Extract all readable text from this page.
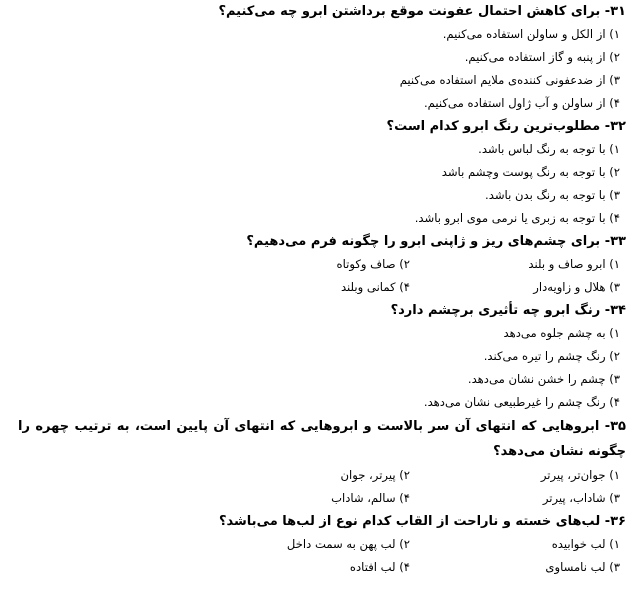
۳۱- برای کاهش احتمال عفونت موقع برداشتن ابرو چه می‌کنیم؟
۱) از الکل و ساولن استفاده می‌کنیم.
۲) از پنبه و گاز استفاده می‌کنیم.
۳) از ضدعفونی کننده‌ی ملایم استفاده می‌کنیم
۴) از ساولن و آب ژاول استفاده می‌کنیم.
۳۲- مطلوب‌ترین رنگ ابرو کدام است؟
۱) با توجه به رنگ لباس باشد.
۲) با توجه به رنگ پوست وچشم باشد
۳) با توجه به رنگ بدن باشد.
۴) با توجه به زبری یا نرمی موی ابرو باشد.
۳۳- برای چشم‌های ریز و ژاپنی ابرو را چگونه فرم می‌دهیم؟
۱) ابرو صاف و بلند
۲) صاف وکوتاه
۳) هلال و زاویه‌دار
۴) کمانی وبلند
۳۴- رنگ ابرو چه تأثیری برچشم دارد؟
۱) به چشم جلوه می‌دهد
۲) رنگ چشم را تیره می‌کند.
۳) چشم را خشن نشان می‌دهد.
۴) رنگ چشم را غیرطبیعی نشان می‌دهد.
۳۵- ابروهایی که انتهای آن سر بالاست و ابروهایی که انتهای آن پایین است، به ترتیب چهره را چگونه نشان می‌دهد؟
۱) جوان‌تر، پیرتر
۲) پیرتر، جوان
۳) شاداب، پیرتر
۴) سالم، شاداب
۳۶- لب‌های خسته و ناراحت از القاب کدام نوع از لب‌ها می‌باشد؟
۱) لب خوابیده
۲) لب پهن به سمت داخل
۳) لب نامساوی
۴) لب افتاده
